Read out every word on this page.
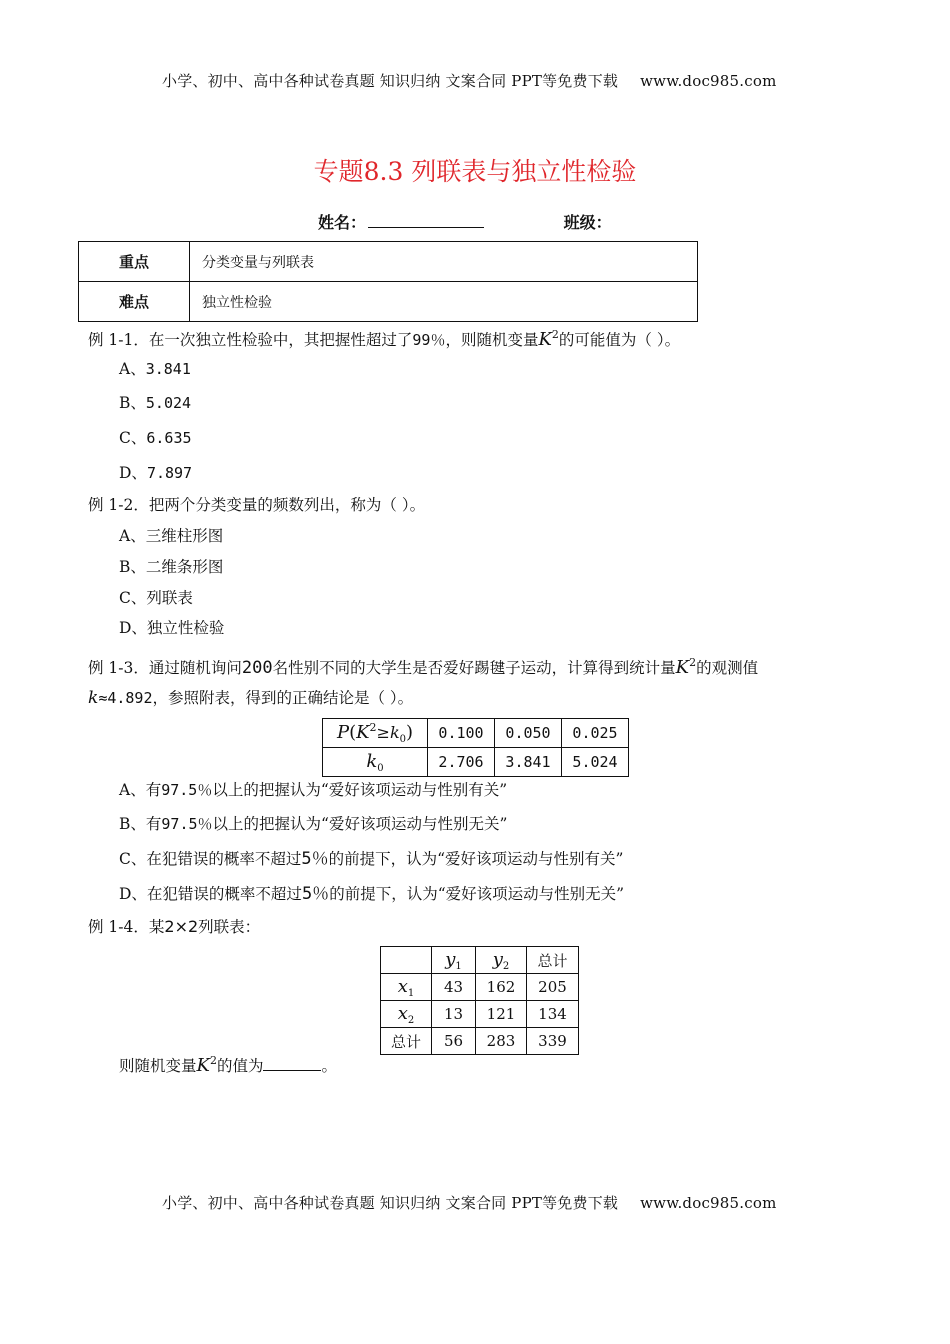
小学、初中、高中各种试卷真题 知识归纳 文案合同 PPT等免费下载 www.doc985.com
专题8.3 列联表与独立性检验
姓名：	班级：
重点	分类变量与列联表
难点	独立性检验
例 1-1．在一次独立性检验中，其把握性超过了99％，则随机变量$K^2$的可能值为（ ）。
A、3.841
B、5.024
C、6.635
D、7.897
例 1-2．把两个分类变量的频数列出，称为（ ）。
A、三维柱形图
B、二维条形图
C、列联表
D、独立性检验
例 1-3．通过随机询问200名性别不同的大学生是否爱好踢毽子运动，计算得到统计量$K^2$的观测值
k≈4.892，参照附表，得到的正确结论是（ ）。
$P(K^2\ge k_0)$	0.100	0.050	0.025
$k_0$	2.706	3.841	5.024
A、有97.5％以上的把握认为“爱好该项运动与性别有关”
B、有97.5％以上的把握认为“爱好该项运动与性别无关”
C、在犯错误的概率不超过5％的前提下，认为“爱好该项运动与性别有关”
D、在犯错误的概率不超过5％的前提下，认为“爱好该项运动与性别无关”
例 1-4．某2×2列联表：
	$y_1$	$y_2$	总计
$x_1$	43	162	205
$x_2$	13	121	134
总计	56	283	339
则随机变量$K^2$的值为	。
小学、初中、高中各种试卷真题 知识归纳 文案合同 PPT等免费下载 www.doc985.com
